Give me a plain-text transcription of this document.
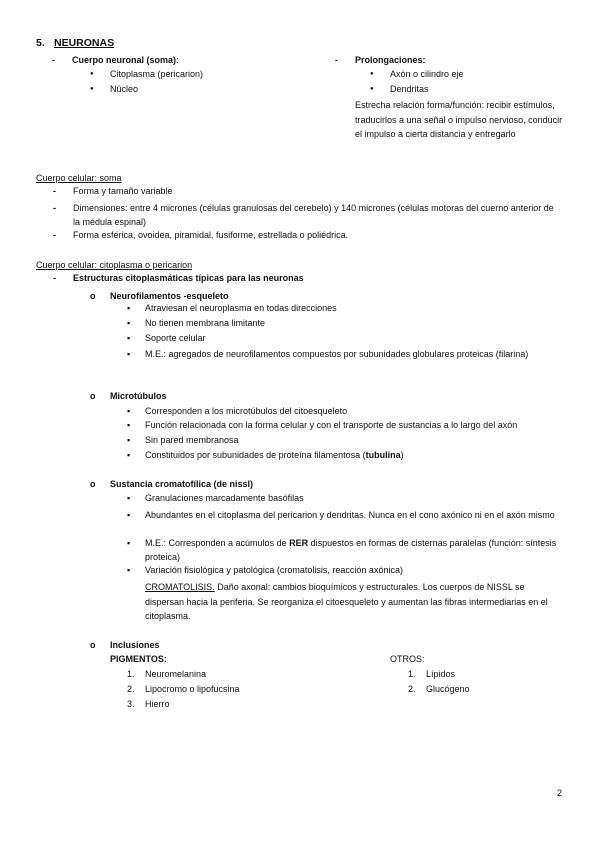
5. NEURONAS
- Cuerpo neuronal (soma):
● Citoplasma (pericarion)
● Núcleo
- Prolongaciones:
● Axón o cilindro eje
● Dendritas
Estrecha relación forma/función: recibir estímulos, traducirlos a una señal o impulso nervioso, conducir el impulso a cierta distancia y entregarlo
Cuerpo celular: soma
- Forma y tamaño variable
- Dimensiones: entre 4 micrones (células granulosas del cerebelo) y 140 micrones (células motoras del cuerno anterior de la médula espinal)
- Forma esférica, ovoidea, piramidal, fusiforme, estrellada o poliédrica.
Cuerpo celular: citoplasma o pericarion
- Estructuras citoplasmáticas típicas para las neuronas
o Neurofilamentos -esqueleto
▪ Atraviesan el neuroplasma en todas direcciones
▪ No tienen membrana limitante
▪ Soporte celular
▪ M.E.: agregados de neurofilamentos compuestos por subunidades globulares proteicas (filarina)
o Microtúbulos
▪ Corresponden a los microtúbulos del citoesqueleto
▪ Función relacionada con la forma celular y con el transporte de sustancias a lo largo del axón
▪ Sin pared membranosa
▪ Constituidos por subunidades de proteína filamentosa (tubulina)
o Sustancia cromatofílica (de nissl)
▪ Granulaciones marcadamente basófilas
▪ Abundantes en el citoplasma del pericarion y dendritas. Nunca en el cono axónico ni en el axón mismo
▪ M.E.: Corresponden a acúmulos de RER dispuestos en formas de cisternas paralelas (función: síntesis proteica)
▪ Variación fisiológica y patológica (cromatolisis, reacción axónica)
CROMATOLISIS. Daño axonal: cambios bioquímicos y estructurales. Los cuerpos de NISSL se dispersan hacia la periferia. Se reorganiza el citoesqueleto y aumentan las fibras intermediarias en el citoplasma.
o Inclusiones
PIGMENTOS:
1. Neuromelanina
2. Lipocromo o lipofucsina
3. Hierro
OTROS:
1. Lípidos
2. Glucógeno
2
